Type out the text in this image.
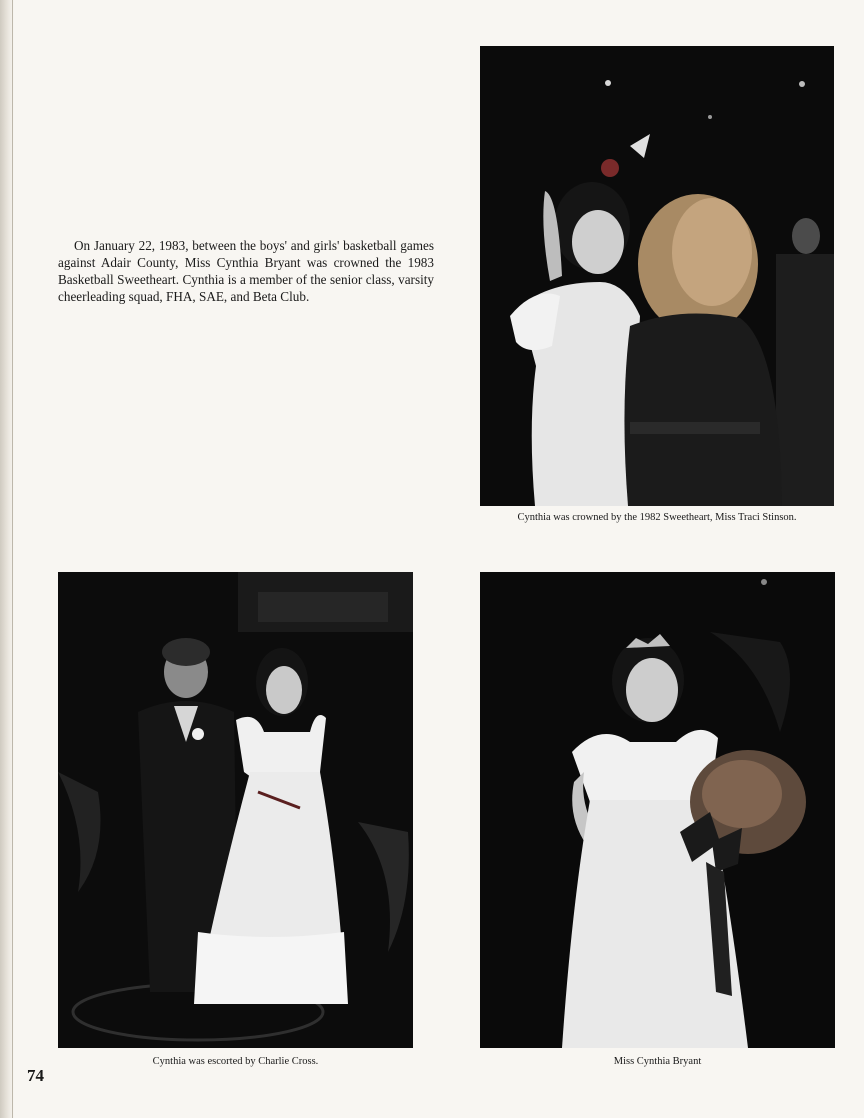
On January 22, 1983, between the boys' and girls' basketball games against Adair County, Miss Cynthia Bryant was crowned the 1983 Basketball Sweetheart. Cynthia is a member of the senior class, varsity cheerleading squad, FHA, SAE, and Beta Club.

Cynthia was crowned by the 1982 Sweetheart, Miss Traci Stinson.

Cynthia was escorted by Charlie Cross.	Miss Cynthia Bryant

74
